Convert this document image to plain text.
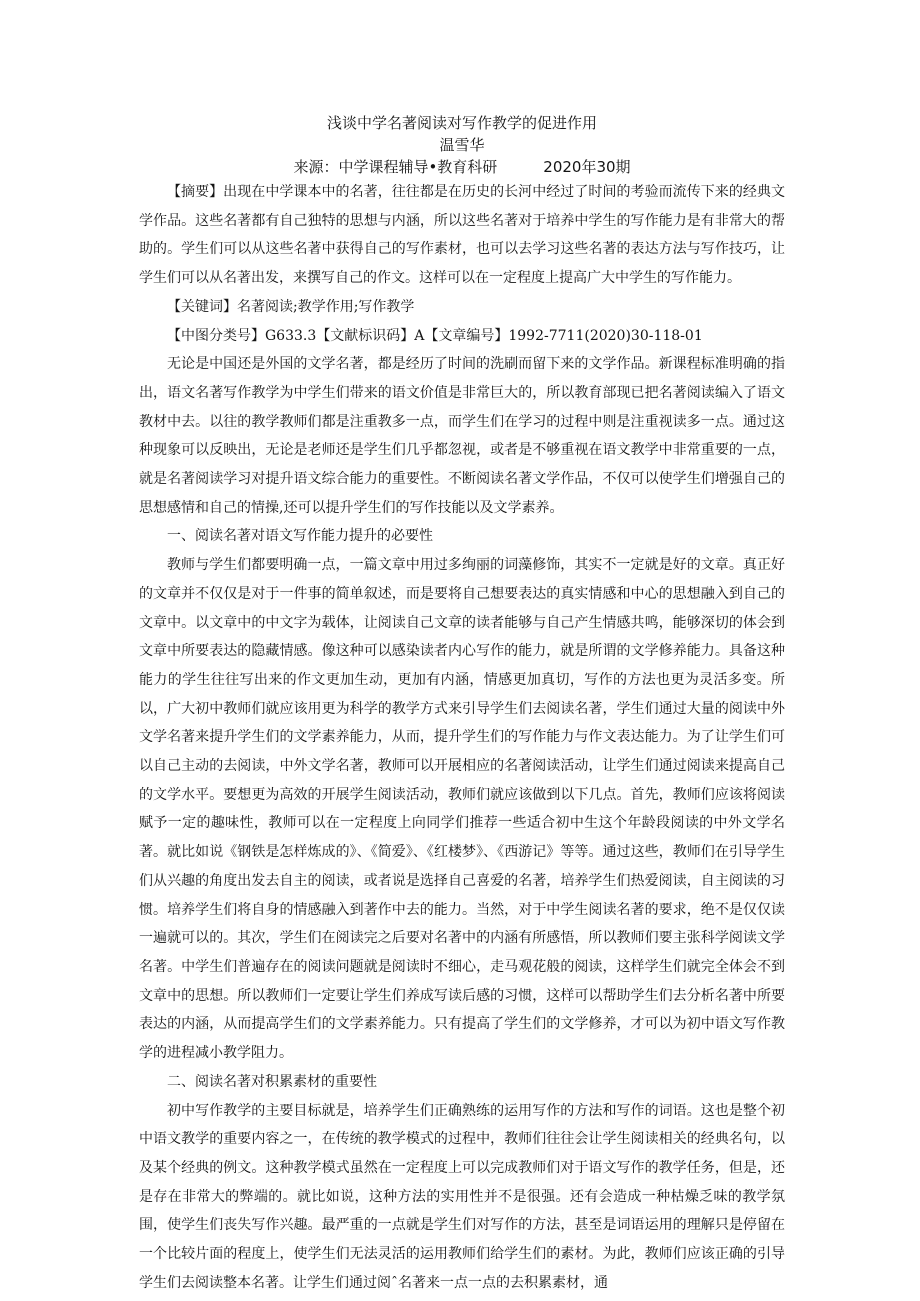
浅谈中学名著阅读对写作教学的促进作用
温雪华
来源：中学课程辅导•教育科研	2020年30期

【摘要】出现在中学课本中的名著，往往都是在历史的长河中经过了时间的考验而流传下来的经典文学作品。这些名著都有自己独特的思想与内涵，所以这些名著对于培养中学生的写作能力是有非常大的帮助的。学生们可以从这些名著中获得自己的写作素材，也可以去学习这些名著的表达方法与写作技巧，让学生们可以从名著出发，来撰写自己的作文。这样可以在一定程度上提高广大中学生的写作能力。

【关键词】名著阅读;教学作用;写作教学
【中图分类号】G633.3【文献标识码】A【文章编号】1992-7711(2020)30-118-01

无论是中国还是外国的文学名著，都是经历了时间的洗刷而留下来的文学作品。新课程标准明确的指出，语文名著写作教学为中学生们带来的语文价值是非常巨大的，所以教育部现已把名著阅读编入了语文教材中去。以往的教学教师们都是注重教多一点，而学生们在学习的过程中则是注重视读多一点。通过这种现象可以反映出，无论是老师还是学生们几乎都忽视，或者是不够重视在语文教学中非常重要的一点，就是名著阅读学习对提升语文综合能力的重要性。不断阅读名著文学作品，不仅可以使学生们增强自己的思想感情和自己的情操,还可以提升学生们的写作技能以及文学素养。

一、阅读名著对语文写作能力提升的必要性

教师与学生们都要明确一点，一篇文章中用过多绚丽的词藻修饰，其实不一定就是好的文章。真正好的文章并不仅仅是对于一件事的简单叙述，而是要将自己想要表达的真实情感和中心的思想融入到自己的文章中。以文章中的中文字为载体，让阅读自己文章的读者能够与自己产生情感共鸣，能够深切的体会到文章中所要表达的隐藏情感。像这种可以感染读者内心写作的能力，就是所谓的文学修养能力。具备这种能力的学生往往写出来的作文更加生动，更加有内涵，情感更加真切，写作的方法也更为灵活多变。所以，广大初中教师们就应该用更为科学的教学方式来引导学生们去阅读名著，学生们通过大量的阅读中外文学名著来提升学生们的文学素养能力，从而，提升学生们的写作能力与作文表达能力。为了让学生们可以自己主动的去阅读，中外文学名著，教师可以开展相应的名著阅读活动，让学生们通过阅读来提高自己的文学水平。要想更为高效的开展学生阅读活动，教师们就应该做到以下几点。首先，教师们应该将阅读赋予一定的趣味性，教师可以在一定程度上向同学们推荐一些适合初中生这个年龄段阅读的中外文学名著。就比如说《钢铁是怎样炼成的》、《简爱》、《红楼梦》、《西游记》等等。通过这些，教师们在引导学生们从兴趣的角度出发去自主的阅读，或者说是选择自己喜爱的名著，培养学生们热爱阅读，自主阅读的习惯。培养学生们将自身的情感融入到著作中去的能力。当然，对于中学生阅读名著的要求，绝不是仅仅读一遍就可以的。其次，学生们在阅读完之后要对名著中的内涵有所感悟，所以教师们要主张科学阅读文学名著。中学生们普遍存在的阅读问题就是阅读时不细心，走马观花般的阅读，这样学生们就完全体会不到文章中的思想。所以教师们一定要让学生们养成写读后感的习惯，这样可以帮助学生们去分析名著中所要表达的内涵，从而提高学生们的文学素养能力。只有提高了学生们的文学修养，才可以为初中语文写作教学的进程减小教学阻力。

二、阅读名著对积累素材的重要性

初中写作教学的主要目标就是，培养学生们正确熟练的运用写作的方法和写作的词语。这也是整个初中语文教学的重要内容之一，在传统的教学模式的过程中，教师们往往会让学生阅读相关的经典名句，以及某个经典的例文。这种教学模式虽然在一定程度上可以完成教师们对于语文写作的教学任务，但是，还是存在非常大的弊端的。就比如说，这种方法的实用性并不是很强。还有会造成一种枯燥乏味的教学氛围，使学生们丧失写作兴趣。最严重的一点就是学生们对写作的方法，甚至是词语运用的理解只是停留在一个比较片面的程度上，使学生们无法灵活的运用教师们给学生们的素材。为此，教师们应该正确的引导学生们去阅读整本名著。让学生们通过阅ˆ名著来一点一点的去积累素材，通
